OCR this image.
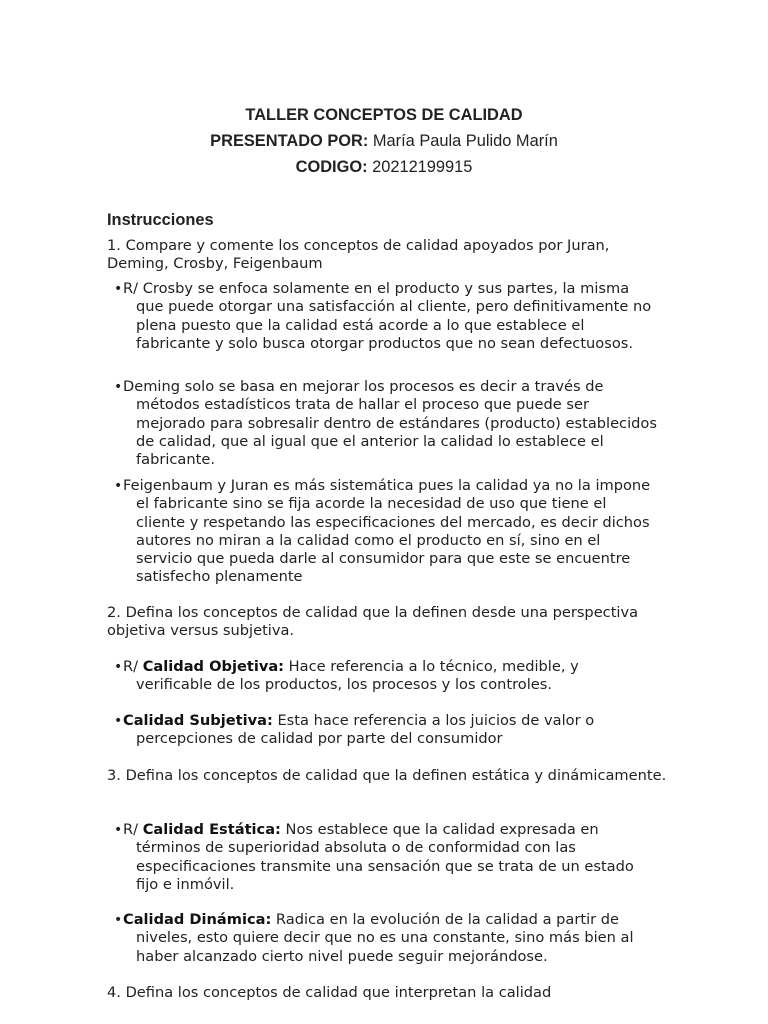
TALLER CONCEPTOS DE CALIDAD
PRESENTADO POR: María Paula Pulido Marín
CODIGO: 20212199915
Instrucciones
1. Compare y comente los conceptos de calidad apoyados por Juran, Deming, Crosby, Feigenbaum
• R/ Crosby se enfoca solamente en el producto y sus partes, la misma que puede otorgar una satisfacción al cliente, pero definitivamente no plena puesto que la calidad está acorde a lo que establece el fabricante y solo busca otorgar productos que no sean defectuosos.
• Deming solo se basa en mejorar los procesos es decir a través de métodos estadísticos trata de hallar el proceso que puede ser mejorado para sobresalir dentro de estándares (producto) establecidos de calidad, que al igual que el anterior la calidad lo establece el fabricante.
• Feigenbaum y Juran es más sistemática pues la calidad ya no la impone el fabricante sino se fija acorde la necesidad de uso que tiene el cliente y respetando las especificaciones del mercado, es decir dichos autores no miran a la calidad como el producto en sí, sino en el servicio que pueda darle al consumidor para que este se encuentre satisfecho plenamente
2. Defina los conceptos de calidad que la definen desde una perspectiva objetiva versus subjetiva.
• R/ Calidad Objetiva: Hace referencia a lo técnico, medible, y verificable de los productos, los procesos y los controles.
• Calidad Subjetiva: Esta hace referencia a los juicios de valor o percepciones de calidad por parte del consumidor
3. Defina los conceptos de calidad que la definen estática y dinámicamente.
• R/ Calidad Estática: Nos establece que la calidad expresada en términos de superioridad absoluta o de conformidad con las especificaciones transmite una sensación que se trata de un estado fijo e inmóvil.
• Calidad Dinámica: Radica en la evolución de la calidad a partir de niveles, esto quiere decir que no es una constante, sino más bien al haber alcanzado cierto nivel puede seguir mejorándose.
4. Defina los conceptos de calidad que interpretan la calidad
